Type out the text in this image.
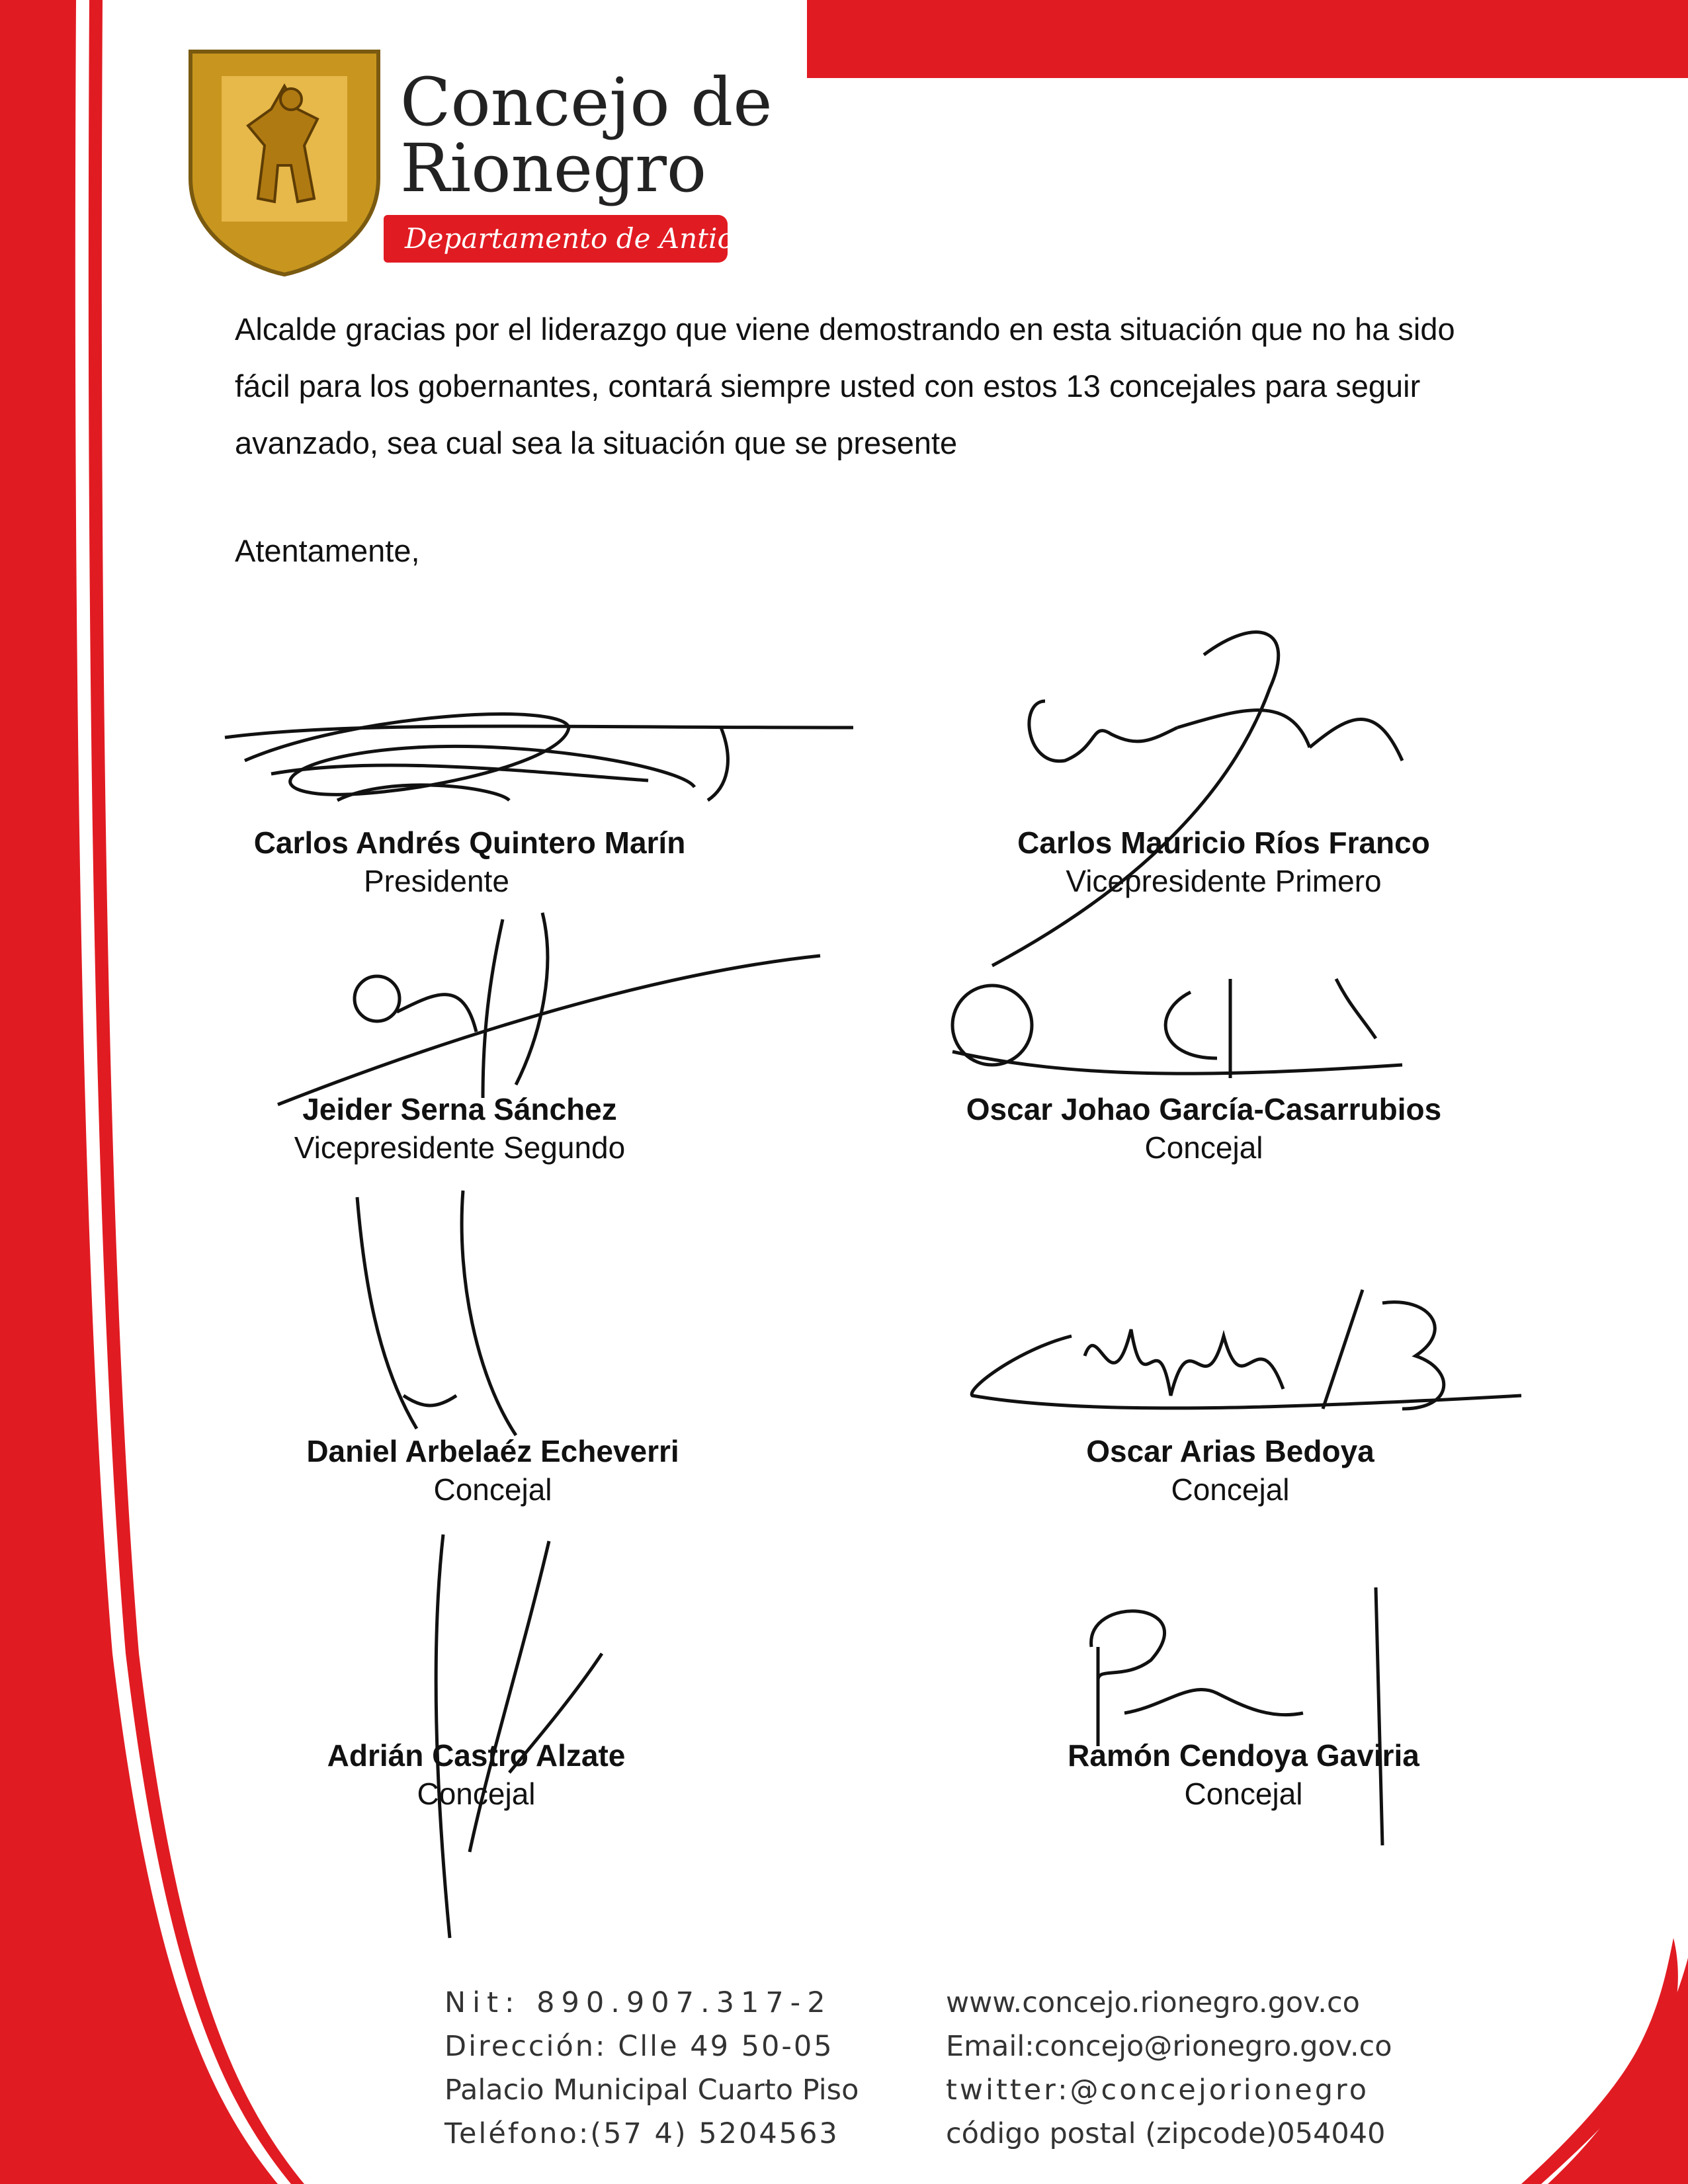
Concejo de
Rionegro
Departamento de Antioquia
Alcalde gracias por el liderazgo que viene demostrando en esta situación que no ha sido fácil para los gobernantes, contará siempre usted con estos 13 concejales para seguir avanzado, sea cual sea la situación que se presente
Atentamente,
Carlos Andrés Quintero Marín
Presidente
Carlos Mauricio Ríos Franco
Vicepresidente Primero
Jeider Serna Sánchez
Vicepresidente Segundo
Oscar Johao García-Casarrubios
Concejal
Daniel Arbelaéz Echeverri
Concejal
Oscar Arias Bedoya
Concejal
Adrián Castro Alzate
Concejal
Ramón Cendoya Gaviria
Concejal
Nit: 890.907.317-2
Dirección: Clle 49 50-05
Palacio Municipal Cuarto Piso
Teléfono:(57 4) 5204563
www.concejo.rionegro.gov.co
Email:concejo@rionegro.gov.co
twitter:@concejorionegro
código postal (zipcode)054040
